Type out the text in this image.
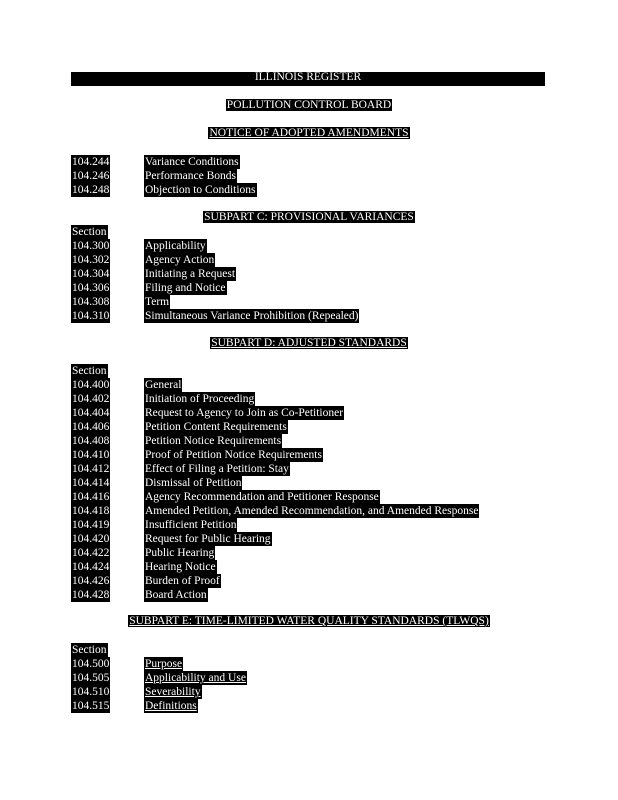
ILLINOIS REGISTER
POLLUTION CONTROL BOARD
NOTICE OF ADOPTED AMENDMENTS
104.244	Variance Conditions
104.246	Performance Bonds
104.248	Objection to Conditions
SUBPART C: PROVISIONAL VARIANCES
Section
104.300	Applicability
104.302	Agency Action
104.304	Initiating a Request
104.306	Filing and Notice
104.308	Term
104.310	Simultaneous Variance Prohibition (Repealed)
SUBPART D: ADJUSTED STANDARDS
Section
104.400	General
104.402	Initiation of Proceeding
104.404	Request to Agency to Join as Co-Petitioner
104.406	Petition Content Requirements
104.408	Petition Notice Requirements
104.410	Proof of Petition Notice Requirements
104.412	Effect of Filing a Petition: Stay
104.414	Dismissal of Petition
104.416	Agency Recommendation and Petitioner Response
104.418	Amended Petition, Amended Recommendation, and Amended Response
104.419	Insufficient Petition
104.420	Request for Public Hearing
104.422	Public Hearing
104.424	Hearing Notice
104.426	Burden of Proof
104.428	Board Action
SUBPART E: TIME-LIMITED WATER QUALITY STANDARDS (TLWQS)
Section
104.500	Purpose
104.505	Applicability and Use
104.510	Severability
104.515	Definitions
